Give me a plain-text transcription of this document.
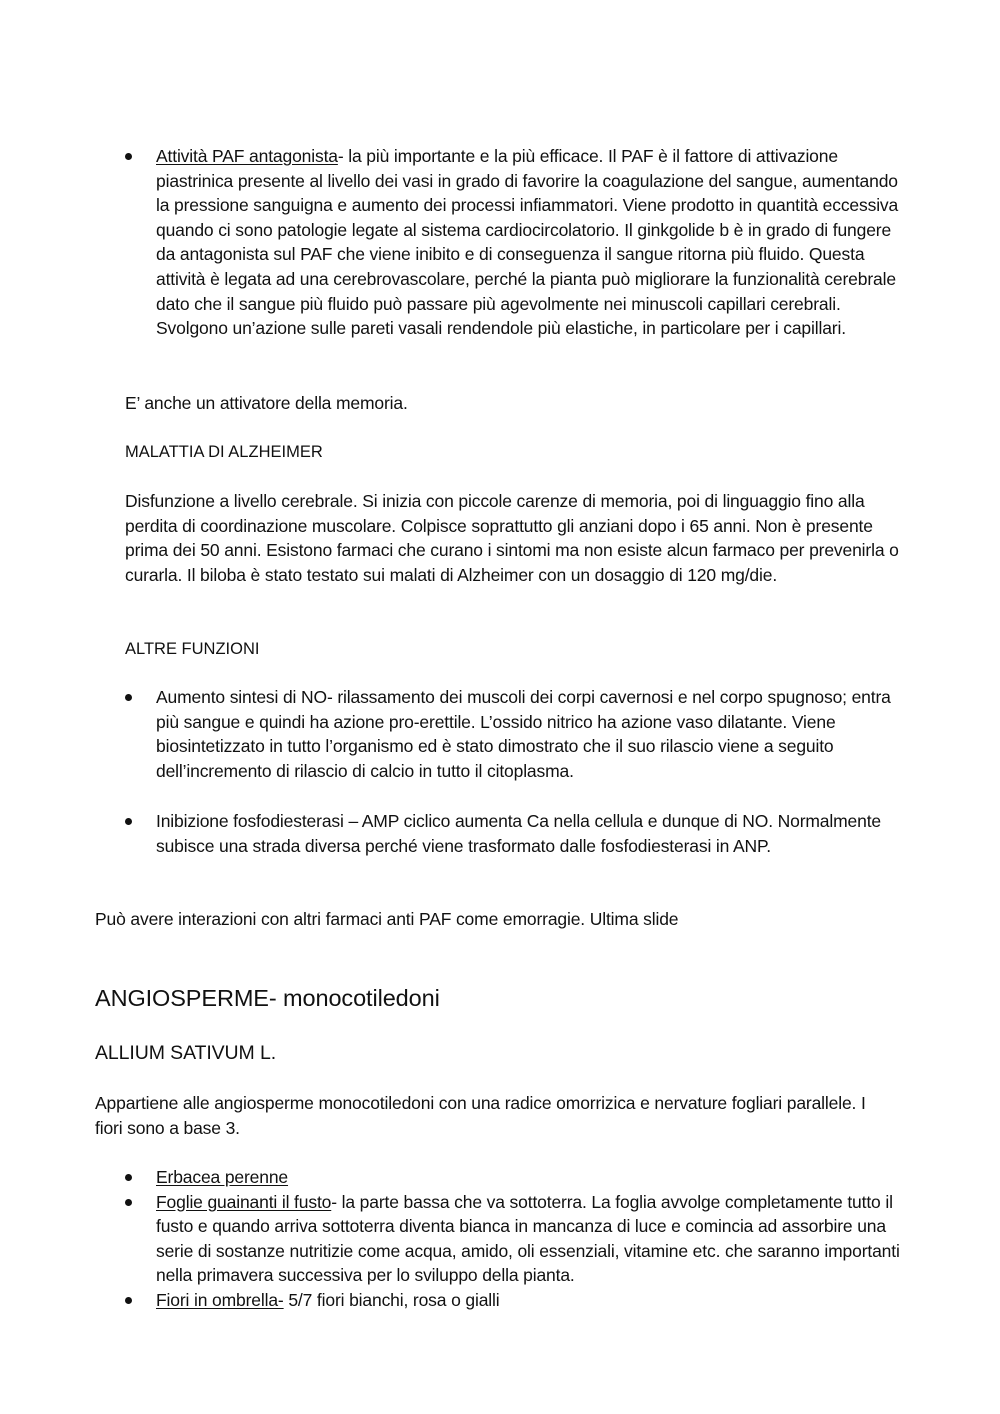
Attività PAF antagonista- la più importante e la più efficace. Il PAF è il fattore di attivazione piastrinica presente al livello dei vasi in grado di favorire la coagulazione del sangue, aumentando la pressione sanguigna e aumento dei processi infiammatori. Viene prodotto in quantità eccessiva quando ci sono patologie legate al sistema cardiocircolatorio. Il ginkgolide b è in grado di fungere da antagonista sul PAF che viene inibito e di conseguenza il sangue ritorna più fluido. Questa attività è legata ad una cerebrovascolare, perché la pianta può migliorare la funzionalità cerebrale dato che il sangue più fluido può passare più agevolmente nei minuscoli capillari cerebrali. Svolgono un’azione sulle pareti vasali rendendole più elastiche, in particolare per i capillari.
E’ anche un attivatore della memoria.
MALATTIA DI ALZHEIMER
Disfunzione a livello cerebrale. Si inizia con piccole carenze di memoria, poi di linguaggio fino alla perdita di coordinazione muscolare. Colpisce soprattutto gli anziani dopo i 65 anni. Non è presente prima dei 50 anni. Esistono farmaci che curano i sintomi ma non esiste alcun farmaco per prevenirla o curarla. Il biloba è stato testato sui malati di Alzheimer con un dosaggio di 120 mg/die.
ALTRE FUNZIONI
Aumento sintesi di NO- rilassamento dei muscoli dei corpi cavernosi e nel corpo spugnoso; entra più sangue e quindi ha azione pro-erettile. L’ossido nitrico ha azione vaso dilatante. Viene biosintetizzato in tutto l’organismo ed è stato dimostrato che il suo rilascio viene a seguito dell’incremento di rilascio di calcio in tutto il citoplasma.
Inibizione fosfodiesterasi – AMP ciclico aumenta Ca nella cellula e dunque di NO. Normalmente subisce una strada diversa perché viene trasformato dalle fosfodiesterasi in ANP.
Può avere interazioni con altri farmaci anti PAF come emorragie. Ultima slide
ANGIOSPERME- monocotiledoni
ALLIUM SATIVUM L.
Appartiene alle angiosperme monocotiledoni con una radice omorrizica e nervature fogliari parallele. I fiori sono a base 3.
Erbacea perenne
Foglie guainanti il fusto- la parte bassa che va sottoterra. La foglia avvolge completamente tutto il fusto e quando arriva sottoterra diventa bianca in mancanza di luce e comincia ad assorbire una serie di sostanze nutritizie come acqua, amido, oli essenziali, vitamine etc. che saranno importanti nella primavera successiva per lo sviluppo della pianta.
Fiori in ombrella- 5/7 fiori bianchi, rosa o gialli
